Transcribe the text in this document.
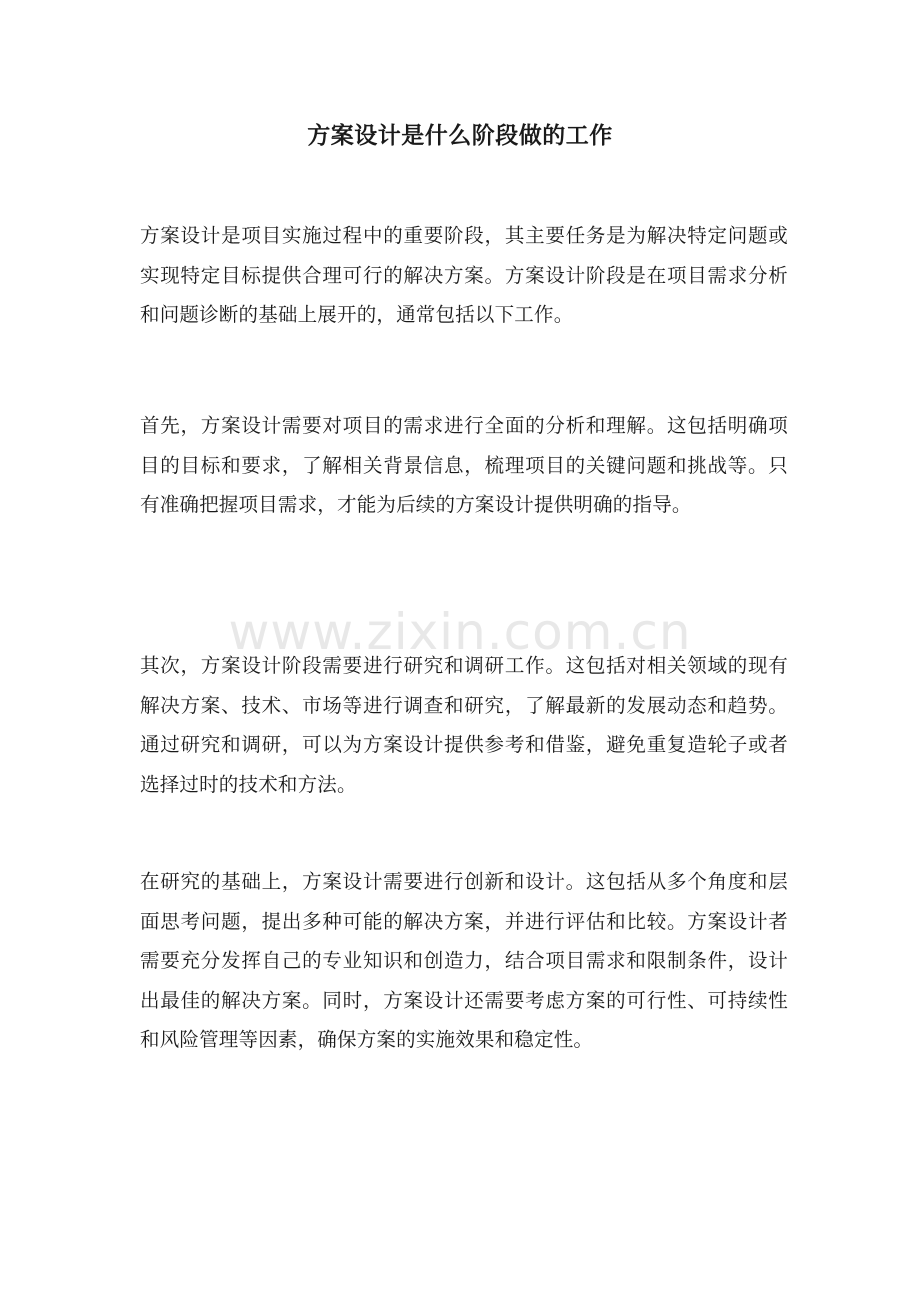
方案设计是什么阶段做的工作
www.zixin.com.cn
方案设计是项目实施过程中的重要阶段，其主要任务是为解决特定问题或实现特定目标提供合理可行的解决方案。方案设计阶段是在项目需求分析和问题诊断的基础上展开的，通常包括以下工作。
首先，方案设计需要对项目的需求进行全面的分析和理解。这包括明确项目的目标和要求，了解相关背景信息，梳理项目的关键问题和挑战等。只有准确把握项目需求，才能为后续的方案设计提供明确的指导。
其次，方案设计阶段需要进行研究和调研工作。这包括对相关领域的现有解决方案、技术、市场等进行调查和研究，了解最新的发展动态和趋势。通过研究和调研，可以为方案设计提供参考和借鉴，避免重复造轮子或者选择过时的技术和方法。
在研究的基础上，方案设计需要进行创新和设计。这包括从多个角度和层面思考问题，提出多种可能的解决方案，并进行评估和比较。方案设计者需要充分发挥自己的专业知识和创造力，结合项目需求和限制条件，设计出最佳的解决方案。同时，方案设计还需要考虑方案的可行性、可持续性和风险管理等因素，确保方案的实施效果和稳定性。
